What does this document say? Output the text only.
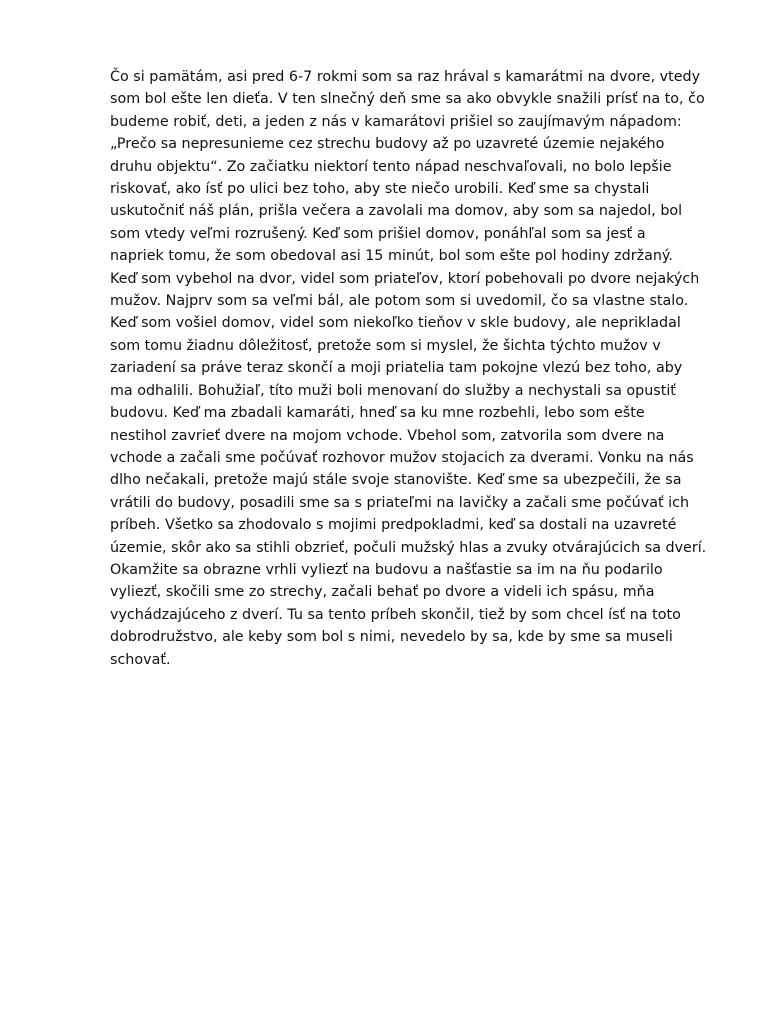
Čo si pamätám, asi pred 6-7 rokmi som sa raz hrával s kamarátmi na dvore, vtedy
som bol ešte len dieťa. V ten slnečný deň sme sa ako obvykle snažili prísť na to, čo
budeme robiť, deti, a jeden z nás v kamarátovi prišiel so zaujímavým nápadom:
„Prečo sa nepresunieme cez strechu budovy až po uzavreté územie nejakého
druhu objektu“. Zo začiatku niektorí tento nápad neschvaľovali, no bolo lepšie
riskovať, ako ísť po ulici bez toho, aby ste niečo urobili. Keď sme sa chystali
uskutočniť náš plán, prišla večera a zavolali ma domov, aby som sa najedol, bol
som vtedy veľmi rozrušený. Keď som prišiel domov, ponáhľal som sa jesť a
napriek tomu, že som obedoval asi 15 minút, bol som ešte pol hodiny zdržaný.
Keď som vybehol na dvor, videl som priateľov, ktorí pobehovali po dvore nejakých
mužov. Najprv som sa veľmi bál, ale potom som si uvedomil, čo sa vlastne stalo.
Keď som vošiel domov, videl som niekoľko tieňov v skle budovy, ale neprikladal
som tomu žiadnu dôležitosť, pretože som si myslel, že šichta týchto mužov v
zariadení sa práve teraz skončí a moji priatelia tam pokojne vlezú bez toho, aby
ma odhalili. Bohužiaľ, títo muži boli menovaní do služby a nechystali sa opustiť
budovu. Keď ma zbadali kamaráti, hneď sa ku mne rozbehli, lebo som ešte
nestihol zavrieť dvere na mojom vchode. Vbehol som, zatvorila som dvere na
vchode a začali sme počúvať rozhovor mužov stojacich za dverami. Vonku na nás
dlho nečakali, pretože majú stále svoje stanovište. Keď sme sa ubezpečili, že sa
vrátili do budovy, posadili sme sa s priateľmi na lavičky a začali sme počúvať ich
príbeh. Všetko sa zhodovalo s mojimi predpokladmi, keď sa dostali na uzavreté
územie, skôr ako sa stihli obzrieť, počuli mužský hlas a zvuky otvárajúcich sa dverí.
Okamžite sa obrazne vrhli vyliezť na budovu a našťastie sa im na ňu podarilo
vyliezť, skočili sme zo strechy, začali behať po dvore a videli ich spásu, mňa
vychádzajúceho z dverí. Tu sa tento príbeh skončil, tiež by som chcel ísť na toto
dobrodružstvo, ale keby som bol s nimi, nevedelo by sa, kde by sme sa museli
schovať.
